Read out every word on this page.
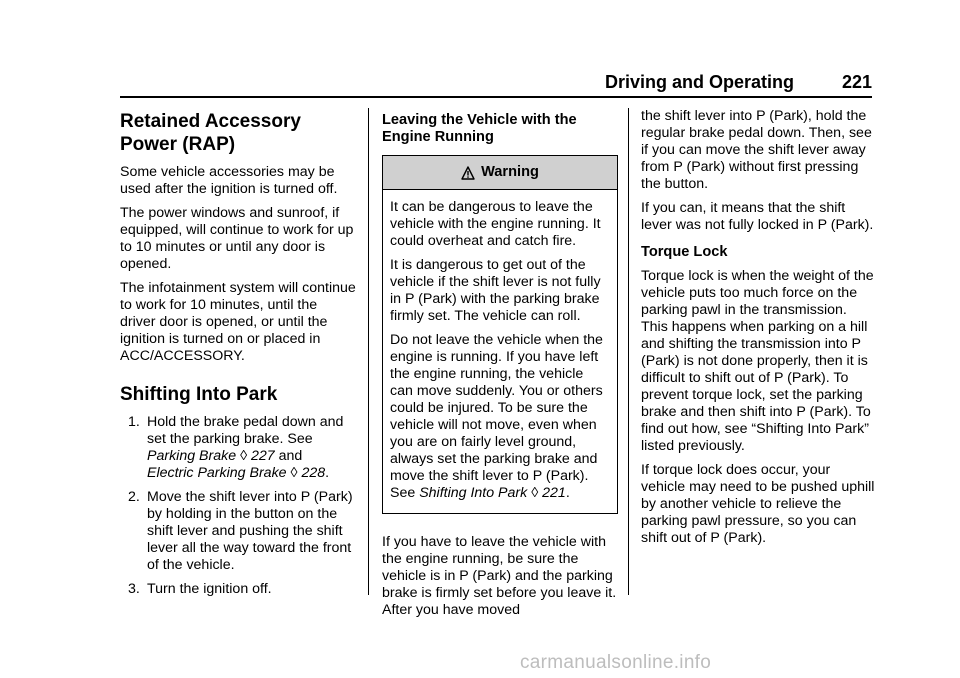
Driving and Operating	221
Retained Accessory
Power (RAP)

Some vehicle accessories may be used after the ignition is turned off.

The power windows and sunroof, if equipped, will continue to work for up to 10 minutes or until any door is opened.

The infotainment system will continue to work for 10 minutes, until the driver door is opened, or until the ignition is turned on or placed in ACC/ACCESSORY.

Shifting Into Park
1. Hold the brake pedal down and set the parking brake. See Parking Brake ◊ 227 and
Electric Parking Brake ◊ 228.
2. Move the shift lever into P (Park) by holding in the button on the shift lever and pushing the shift lever all the way toward the front of the vehicle.
3. Turn the ignition off.
Leaving the Vehicle with the
Engine Running
Warning

It can be dangerous to leave the vehicle with the engine running. It could overheat and catch fire.

It is dangerous to get out of the vehicle if the shift lever is not fully in P (Park) with the parking brake firmly set. The vehicle can roll.

Do not leave the vehicle when the engine is running. If you have left the engine running, the vehicle can move suddenly. You or others could be injured. To be sure the vehicle will not move, even when you are on fairly level ground, always set the parking brake and move the shift lever to P (Park). See Shifting Into Park ◊ 221.

If you have to leave the vehicle with the engine running, be sure the vehicle is in P (Park) and the parking brake is firmly set before you leave it. After you have moved

the shift lever into P (Park), hold the regular brake pedal down. Then, see if you can move the shift lever away from P (Park) without first pressing the button.

If you can, it means that the shift lever was not fully locked in P (Park).

Torque Lock

Torque lock is when the weight of the vehicle puts too much force on the parking pawl in the transmission. This happens when parking on a hill and shifting the transmission into P (Park) is not done properly, then it is difficult to shift out of P (Park). To prevent torque lock, set the parking brake and then shift into P (Park). To find out how, see “Shifting Into Park” listed previously.

If torque lock does occur, your vehicle may need to be pushed uphill by another vehicle to relieve the parking pawl pressure, so you can shift out of P (Park).

carmanualsonline.info
